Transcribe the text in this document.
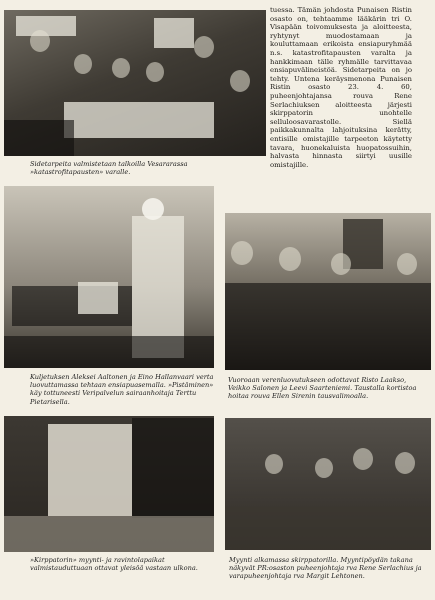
Sidetarpeita valmistetaan talkoilla Vesararassa »katastrofitapausten» varalle.

Kuljetuksen Aleksei Aaltonen ja Eino Hallanvaari verta luovuttamassa tehtaan ensiapuasemalla. »Pistäminen» käy tottuneesti Veripalvelun sairaanhoitaja Terttu Pietarisella.

Vuoroaan verenluovutukseen odottavat Risto Laakso, Veikko Salonen ja Leevi Saarteniemi. Taustalla kortistoa hoitaa rouva Ellen Sirenin tausvalimoalla.

»Kirppatorin» myynti- ja ravintolapaikat valmistauduttuaan ottavat yleisöä vastaan ulkona.

Myynti alkamassa skirppatorilla. Myyntipöydän takana näkyvät PR:osaston puheenjohtaja rva Rene Serlachius ja varapuheenjohtaja rva Margit Lehtonen.

tuessa. Tämän johdosta Punaisen Ristin osasto on, tehtaamme lääkärin tri O. Visapään toivomuksesta ja aloitteesta, ryhtynyt muodostamaan ja kouluttamaan erikoista ensiapuryhmää n.s. katastrofitapausten varalta ja hankkimaan tälle ryhmälle tarvittavaa ensiapuvälineistöä. Sidetarpeita on jo tehty. Untena keräysmenona Punaisen Ristin osasto 23. 4. 60, puheenjohtajansa rouva Rene Serlachiuksen aloitteesta järjesti skirppatorin unohtelle selluloosavarastolle. Siellä paikkakunnalta lahjoituksina kerätty, entisille omistajille tarpeeton käytetty tavara, huonekaluista huopatossuihin, halvasta hinnasta siirtyi uusille omistajille.
